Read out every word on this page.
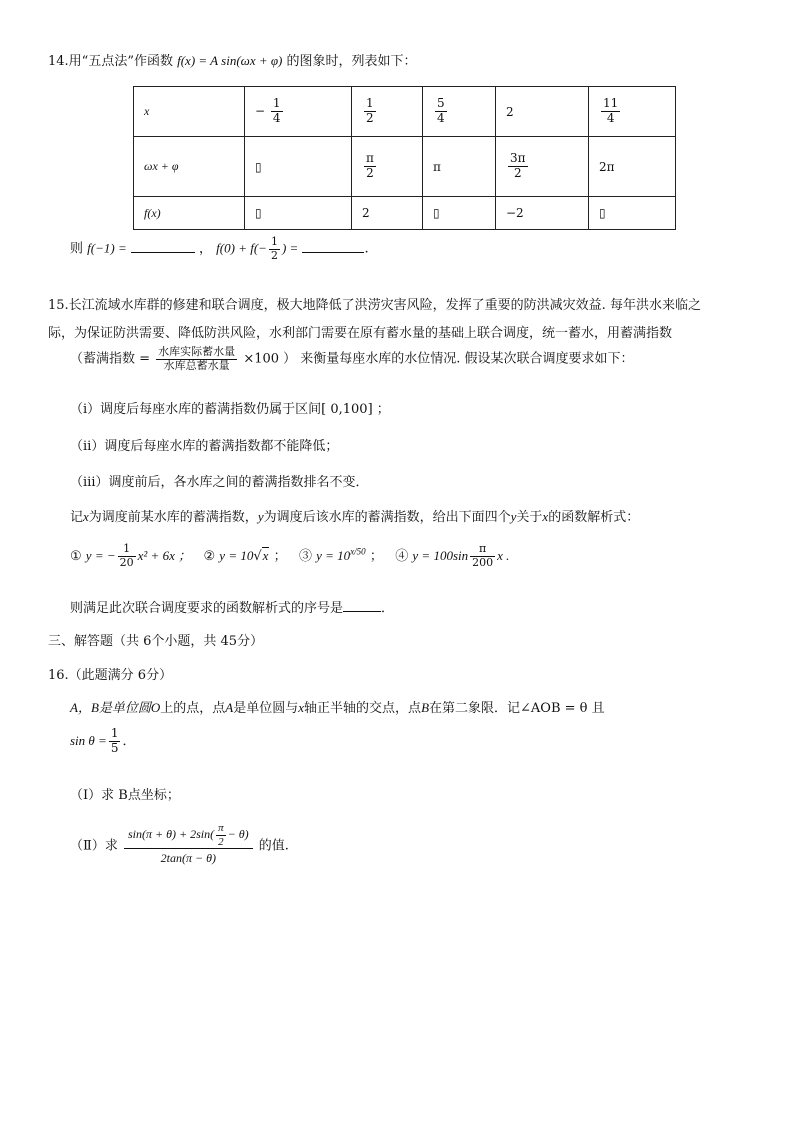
14.用“五点法”作函数 f(x) = A sin(ωx + φ) 的图象时，列表如下：
x	− $\frac{1}{4}$	$\frac{1}{2}$	$\frac{5}{4}$	2	$\frac{11}{4}$

ωx + φ	▯	$\frac{\pi}{2}$	π	$\frac{3\pi}{2}$	2π
f(x)	▯	2	▯	−2	▯
则 f(−1) =	， $f(0) + f(- \frac{1}{2}$ ) =	.
15.长江流域水库群的修建和联合调度，极大地降低了洪涝灾害风险，发挥了重要的防洪减灾效益. 每年洪水来临之
际，为保证防洪需要、降低防洪风险，水利部门需要在原有蓄水量的基础上联合调度，统一蓄水，用蓄满指数
（蓄满指数 = $\frac{\text{水库实际蓄水量}}{\text{水库总蓄水量}} \times 100$ ） 来衡量每座水库的水位情况. 假设某次联合调度要求如下：
（ⅰ）调度后每座水库的蓄满指数仍属于区间[ 0,100] ；
（ⅱ）调度后每座水库的蓄满指数都不能降低；
（ⅲ）调度前后，各水库之间的蓄满指数排名不变．
记x为调度前某水库的蓄满指数，y为调度后该水库的蓄满指数，给出下面四个y关于x的函数解析式：
① y = − $\frac{1}{20} x^2 + 6x$ ； ② y = 10√x ； ③ $y = 10^{x/50}$ ； ④ $y = 100\sin \frac{\pi}{200}$ x .
则满足此次联合调度要求的函数解析式的序号是	．
三、解答题（共 6个小题，共 45分）
16.（此题满分 6分）
A，B是单位圆O上的点，点A是单位圆与x轴正半轴的交点，点B在第二象限．记∠AOB = θ 且
$\sin \theta = \frac{1}{5}$ ．
（Ⅰ）求 B点坐标；
（Ⅱ）求 $\frac{\sin(\pi + \theta) + 2\sin( \frac{\pi}{2} - \theta)}{2\tan(\pi - \theta)}$ 的值.
